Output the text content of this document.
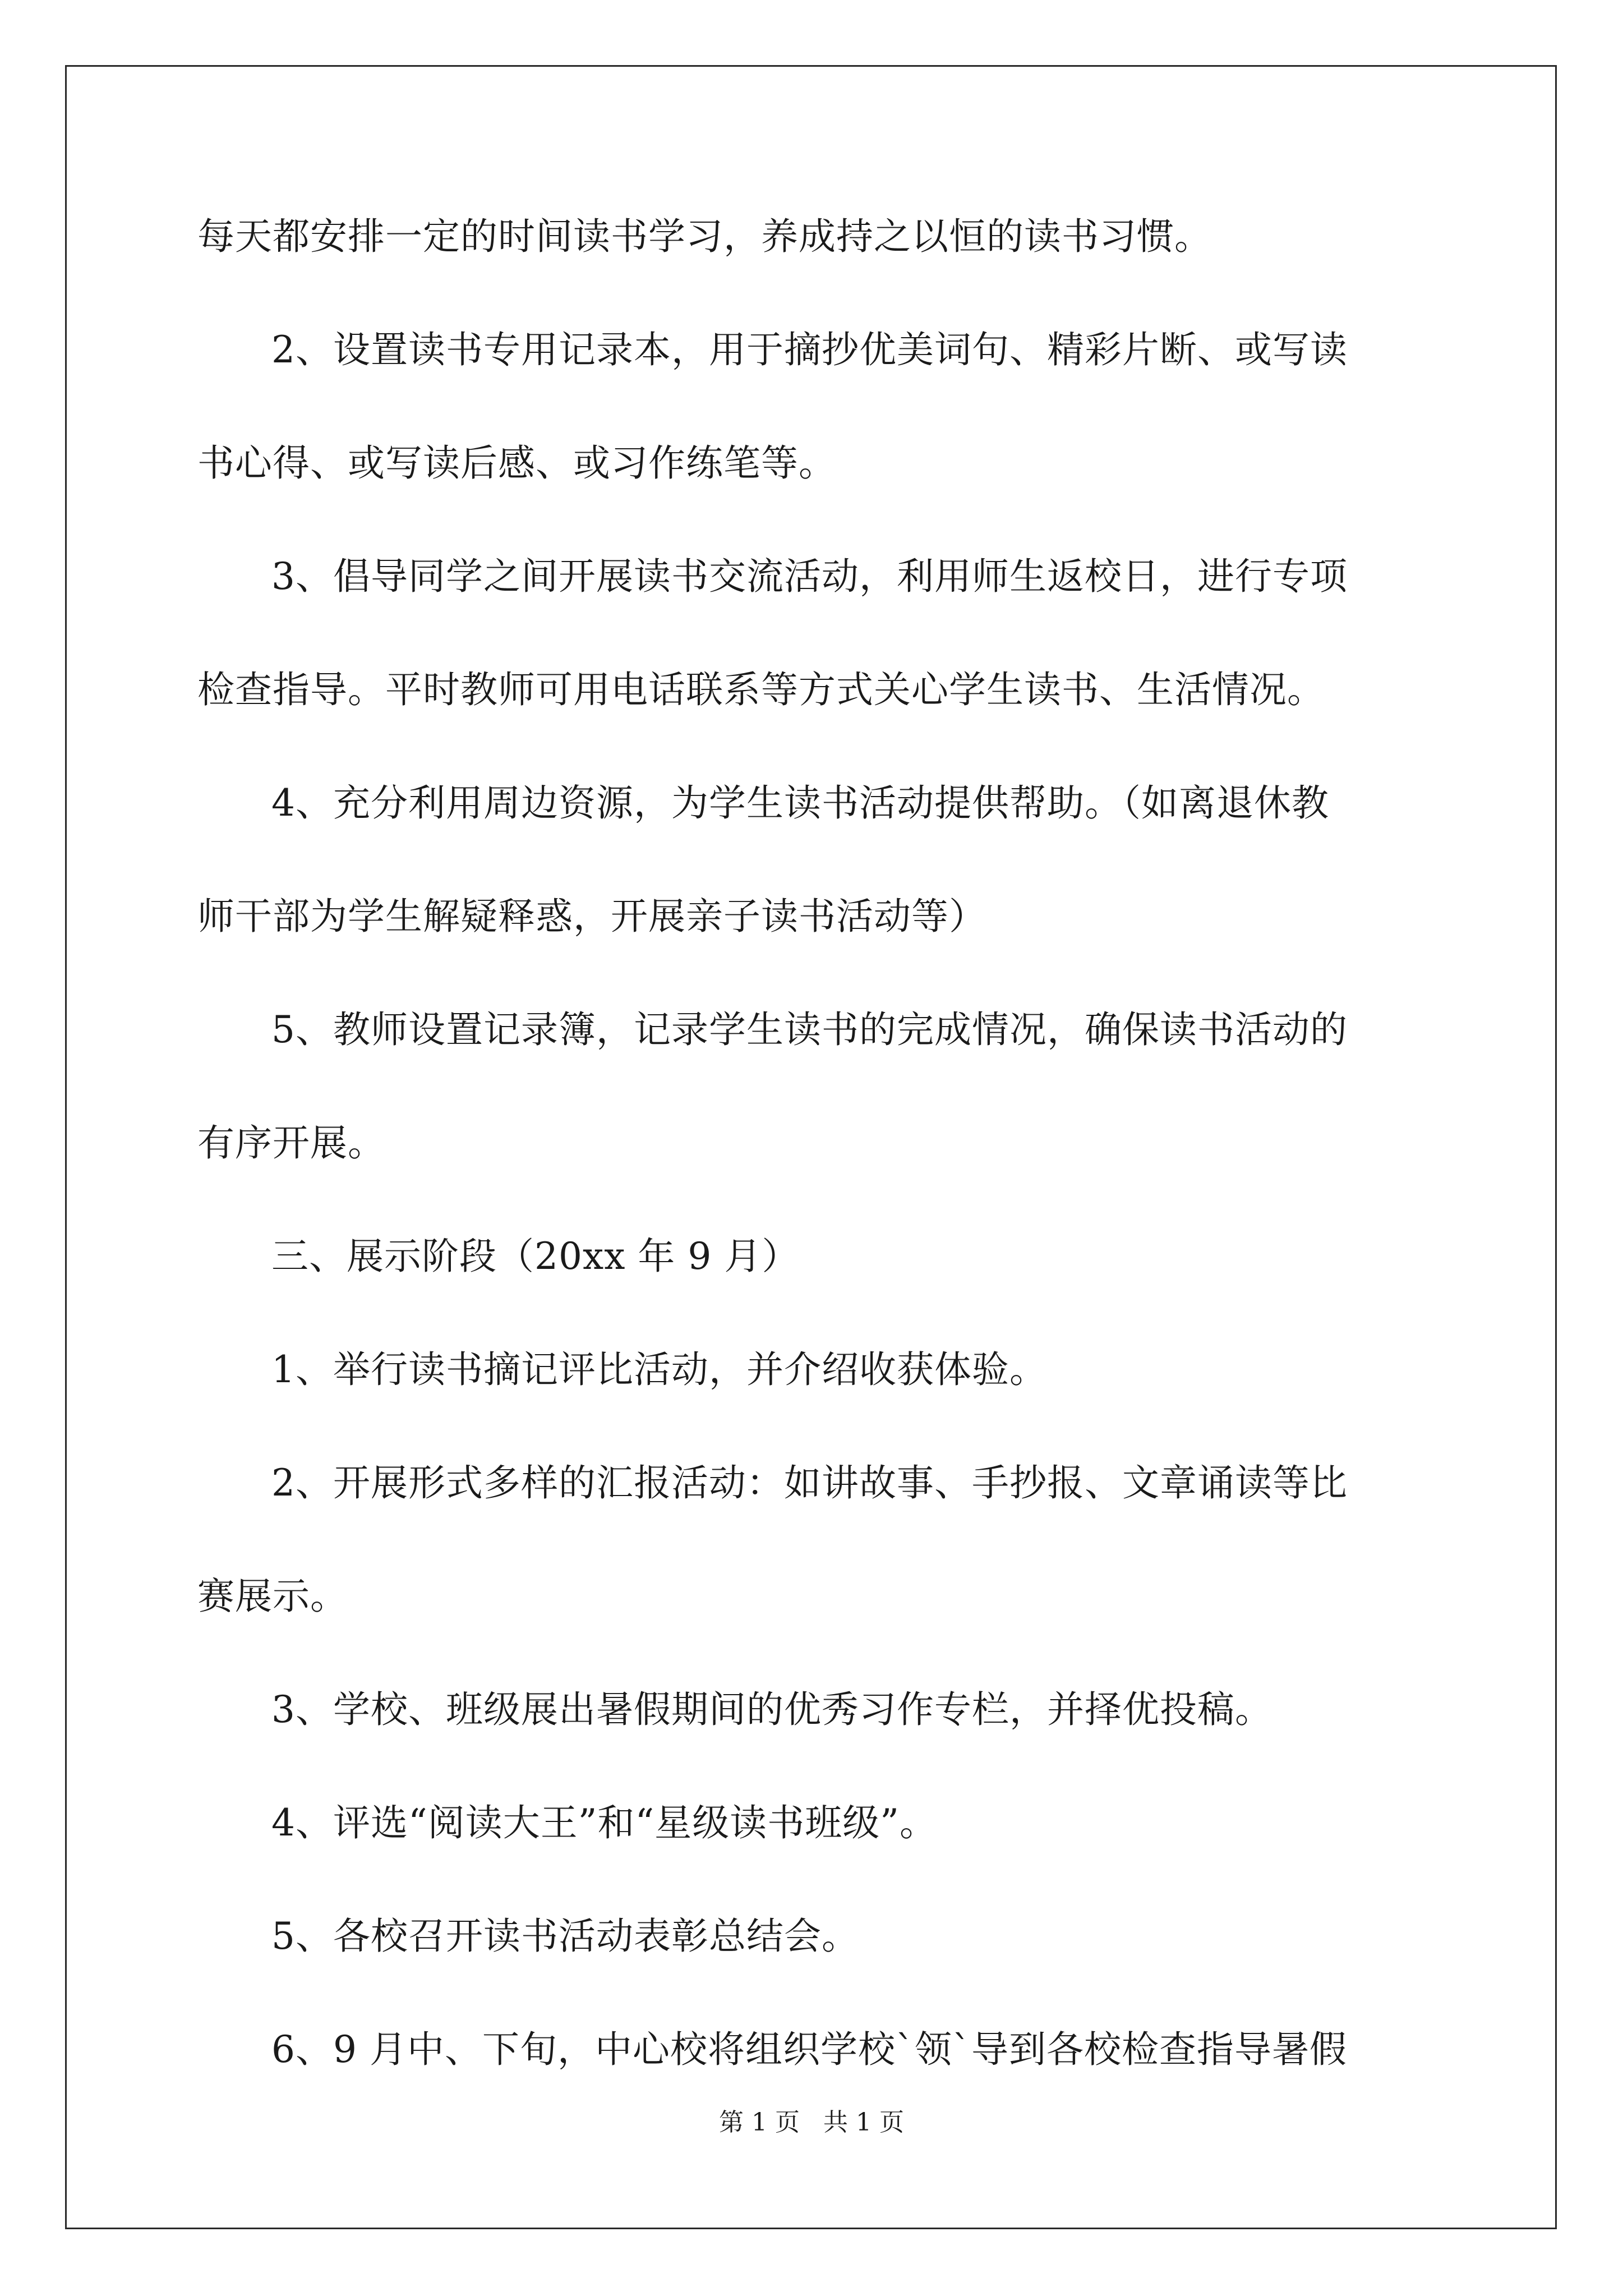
每天都安排一定的时间读书学习，养成持之以恒的读书习惯。
2、设置读书专用记录本，用于摘抄优美词句、精彩片断、或写读
书心得、或写读后感、或习作练笔等。
3、倡导同学之间开展读书交流活动，利用师生返校日，进行专项
检查指导。平时教师可用电话联系等方式关心学生读书、生活情况。
4、充分利用周边资源，为学生读书活动提供帮助。（如离退休教
师干部为学生解疑释惑，开展亲子读书活动等）
5、教师设置记录簿，记录学生读书的完成情况，确保读书活动的
有序开展。
三、展示阶段（20xx 年 9 月）
1、举行读书摘记评比活动，并介绍收获体验。
2、开展形式多样的汇报活动：如讲故事、手抄报、文章诵读等比
赛展示。
3、学校、班级展出暑假期间的优秀习作专栏，并择优投稿。
4、评选“阅读大王”和“星级读书班级”。
5、各校召开读书活动表彰总结会。
6、9 月中、下旬，中心校将组织学校`领`导到各校检查指导暑假
第 1 页 共 1 页
